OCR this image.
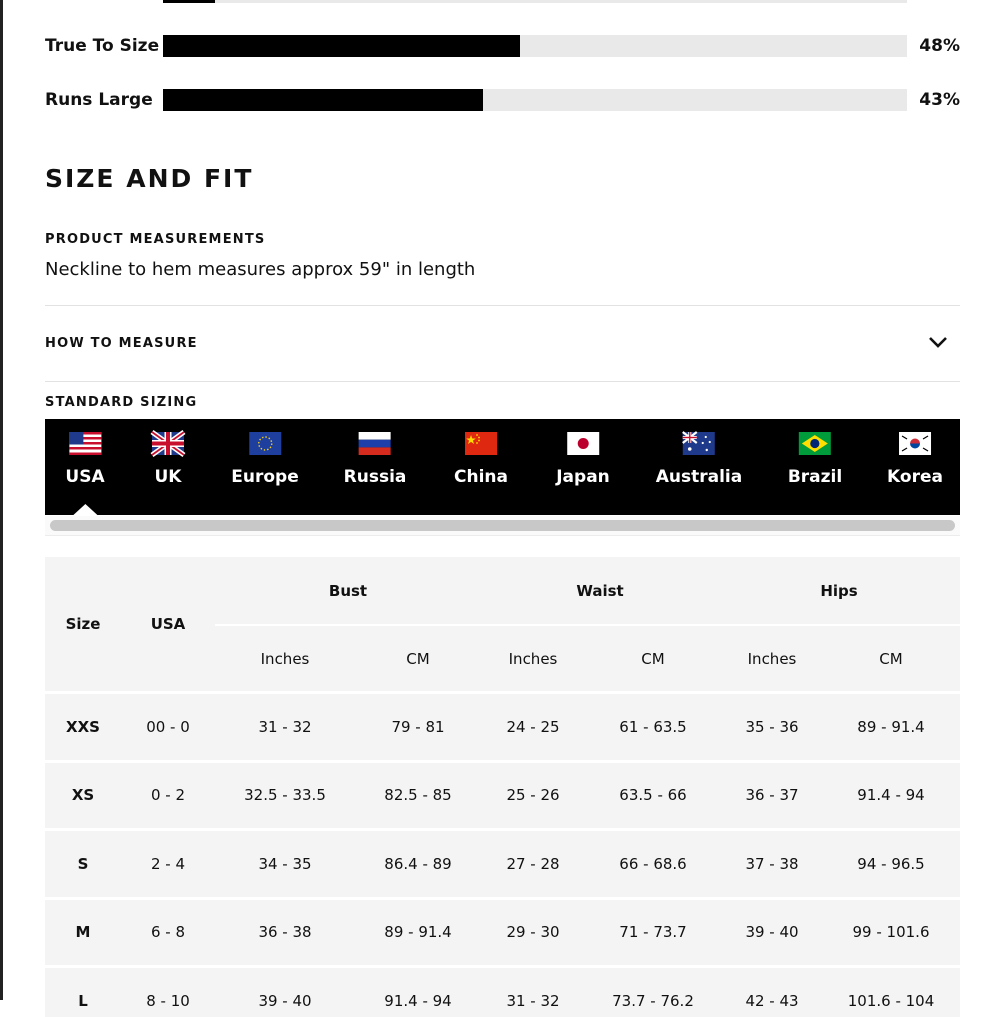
True To Size	48%
Runs Large	43%
SIZE AND FIT
PRODUCT MEASUREMENTS
Neckline to hem measures approx 59" in length
HOW TO MEASURE
STANDARD SIZING
USA	UK	Europe	Russia	China	Japan	Australia	Brazil	Korea
Size	USA
Bust	Waist	Hips
Inches	CM	Inches	CM	Inches	CM
XXS	00 - 0	31 - 32	79 - 81	24 - 25	61 - 63.5	35 - 36	89 - 91.4
XS	0 - 2	32.5 - 33.5	82.5 - 85	25 - 26	63.5 - 66	36 - 37	91.4 - 94
S	2 - 4	34 - 35	86.4 - 89	27 - 28	66 - 68.6	37 - 38	94 - 96.5
M	6 - 8	36 - 38	89 - 91.4	29 - 30	71 - 73.7	39 - 40	99 - 101.6
L	8 - 10	39 - 40	91.4 - 94	31 - 32	73.7 - 76.2	42 - 43	101.6 - 104
